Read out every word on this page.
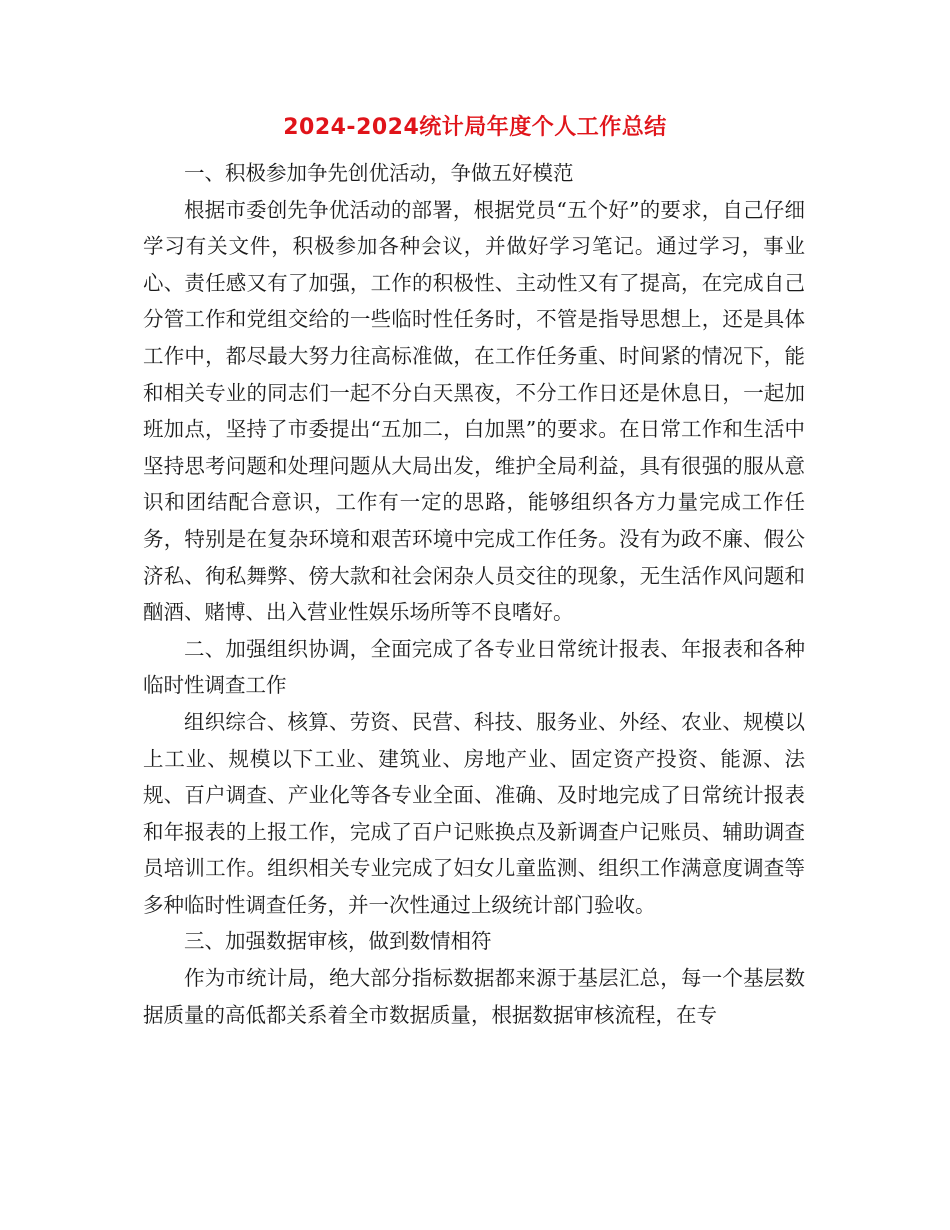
2024-2024统计局年度个人工作总结

一、积极参加争先创优活动，争做五好模范

根据市委创先争优活动的部署，根据党员“五个好”的要求，自己仔细学习有关文件，积极参加各种会议，并做好学习笔记。通过学习，事业心、责任感又有了加强，工作的积极性、主动性又有了提高，在完成自己分管工作和党组交给的一些临时性任务时，不管是指导思想上，还是具体工作中，都尽最大努力往高标准做，在工作任务重、时间紧的情况下，能和相关专业的同志们一起不分白天黑夜，不分工作日还是休息日，一起加班加点，坚持了市委提出“五加二，白加黑”的要求。在日常工作和生活中坚持思考问题和处理问题从大局出发，维护全局利益，具有很强的服从意识和团结配合意识，工作有一定的思路，能够组织各方力量完成工作任务，特别是在复杂环境和艰苦环境中完成工作任务。没有为政不廉、假公济私、徇私舞弊、傍大款和社会闲杂人员交往的现象，无生活作风问题和酗酒、赌博、出入营业性娱乐场所等不良嗜好。

二、加强组织协调，全面完成了各专业日常统计报表、年报表和各种临时性调查工作

组织综合、核算、劳资、民营、科技、服务业、外经、农业、规模以上工业、规模以下工业、建筑业、房地产业、固定资产投资、能源、法规、百户调查、产业化等各专业全面、准确、及时地完成了日常统计报表和年报表的上报工作，完成了百户记账换点及新调查户记账员、辅助调查员培训工作。组织相关专业完成了妇女儿童监测、组织工作满意度调查等多种临时性调查任务，并一次性通过上级统计部门验收。

三、加强数据审核，做到数情相符

作为市统计局，绝大部分指标数据都来源于基层汇总，每一个基层数据质量的高低都关系着全市数据质量，根据数据审核流程，在专
